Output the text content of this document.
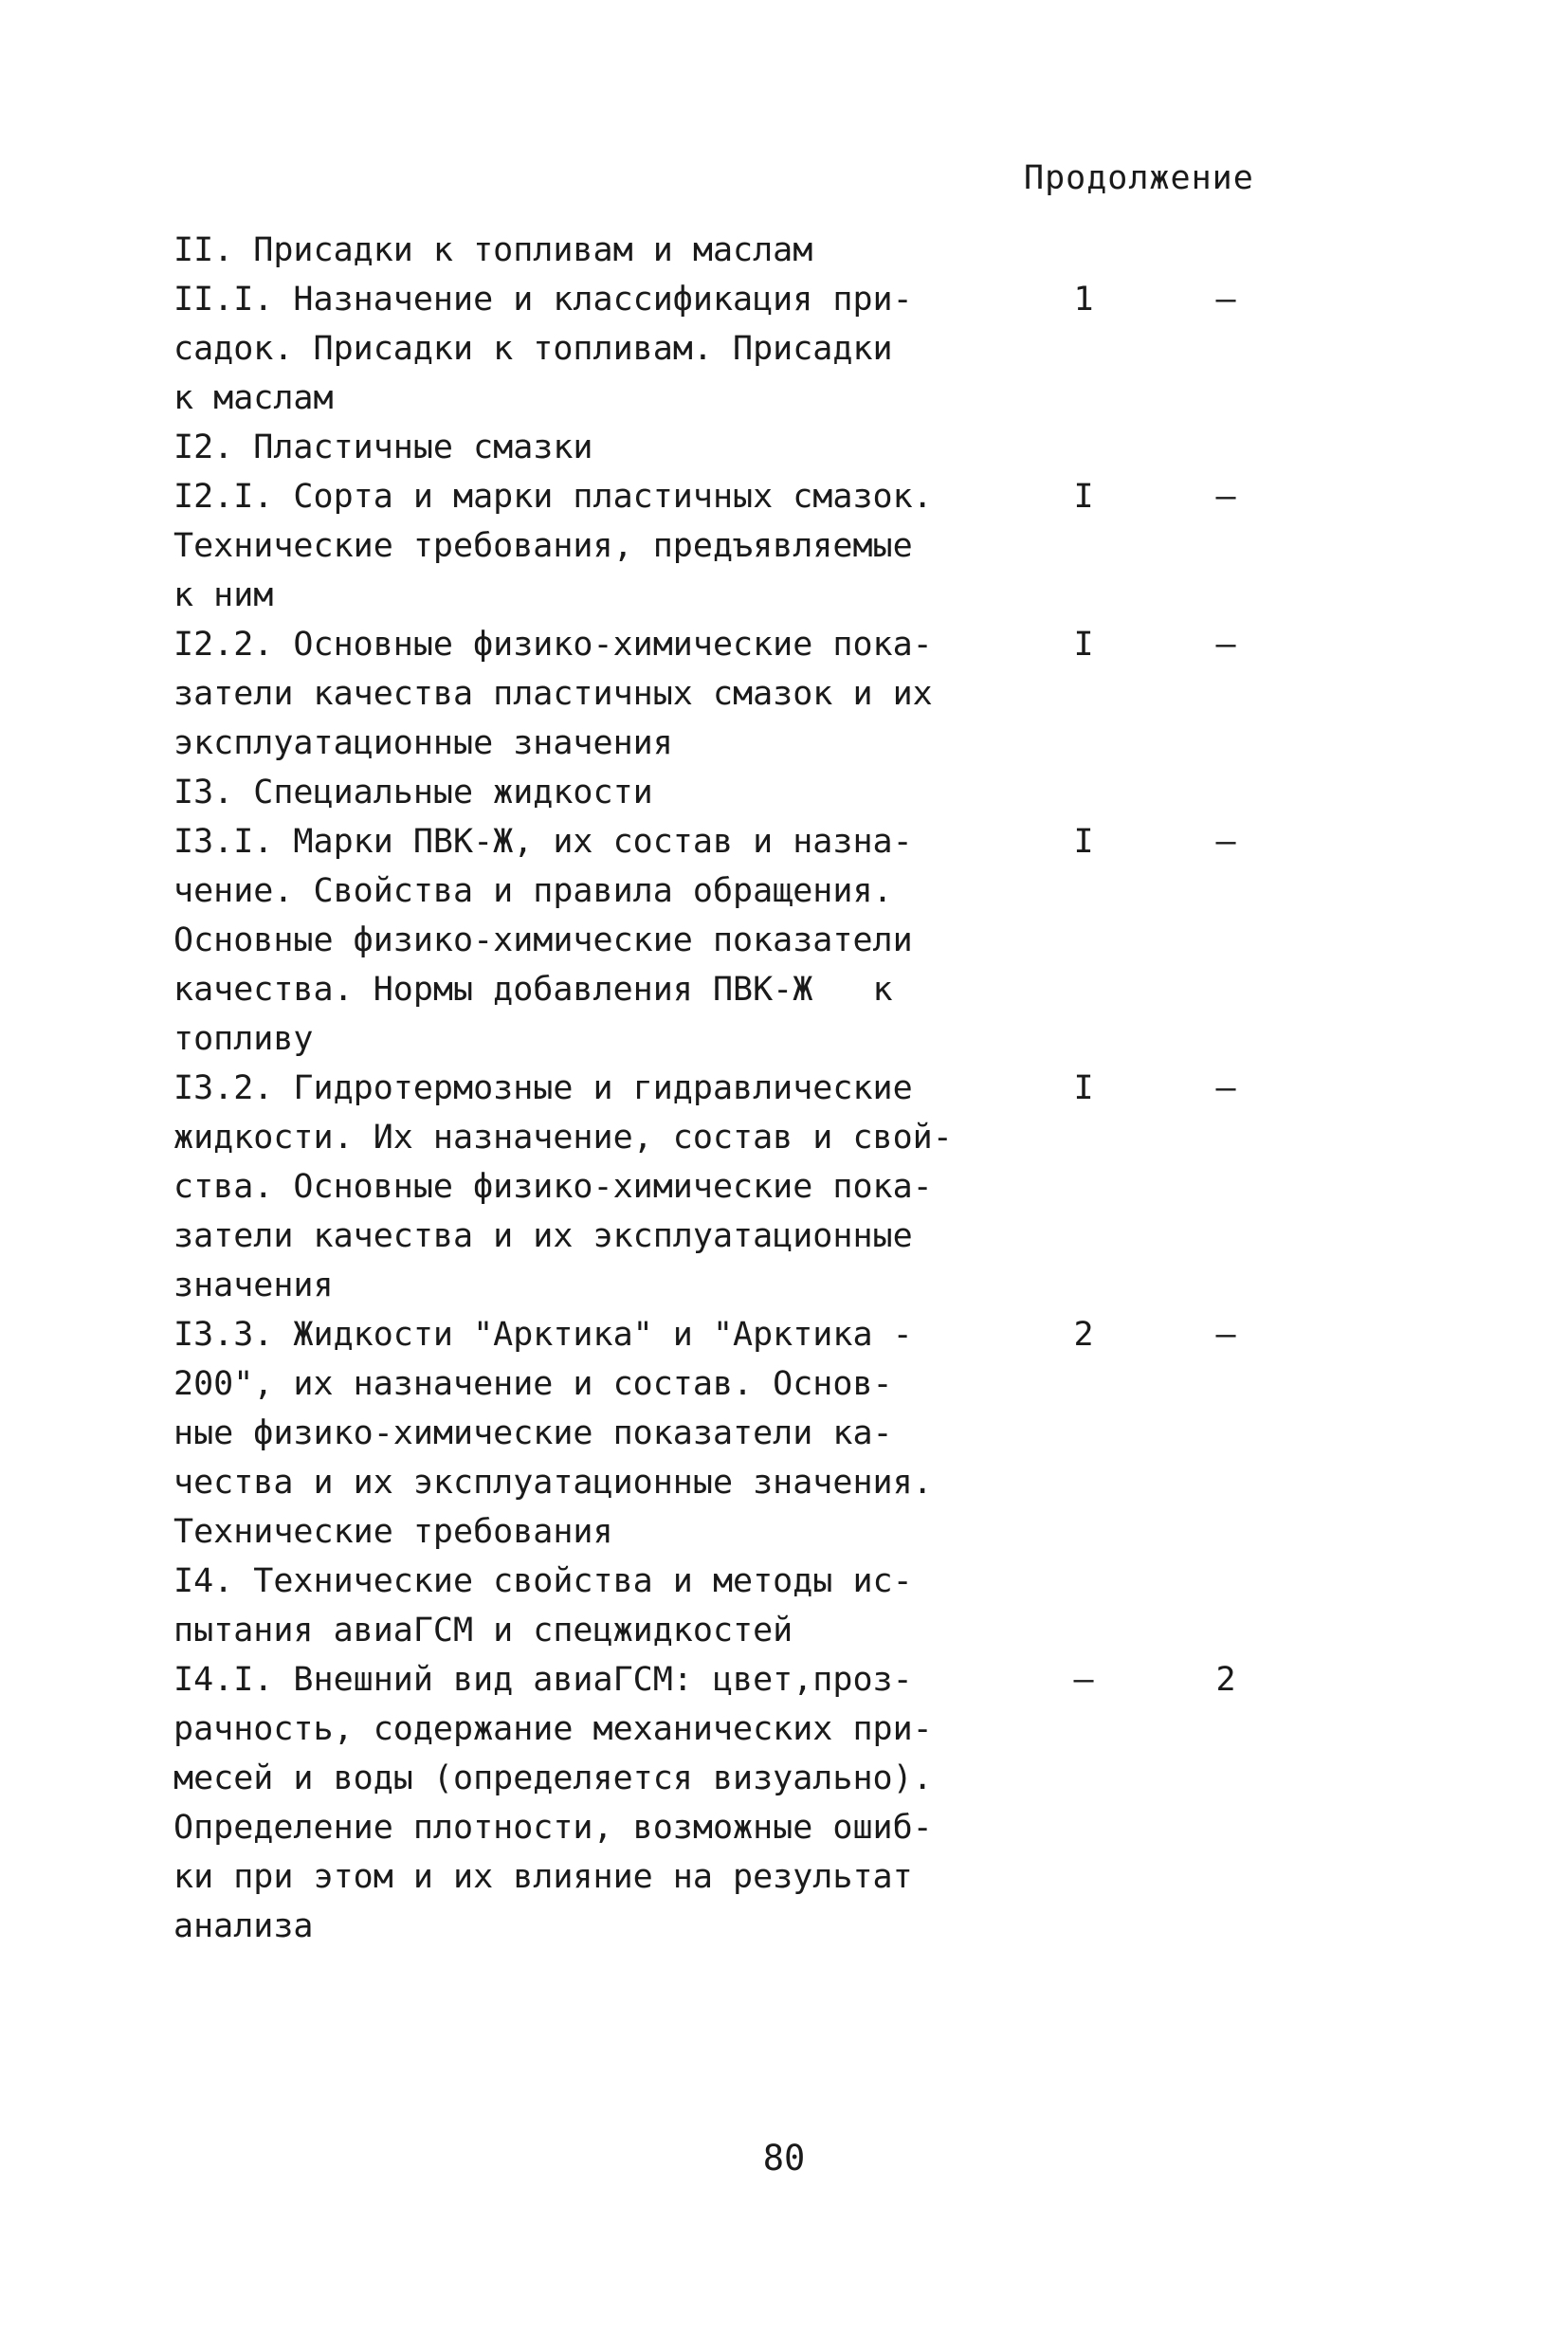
Продолжение
II. Присадки к топливам и маслам
II.I. Назначение и классификация при-
садок. Присадки к топливам. Присадки
к маслам
1	–
I2. Пластичные смазки
I2.I. Сорта и марки пластичных смазок.
Технические требования, предъявляемые
к ним
I	–
I2.2. Основные физико-химические пока-
затели качества пластичных смазок и их
эксплуатационные значения
I	–
I3. Специальные жидкости
I3.I. Марки ПВК-Ж, их состав и назна-
чение. Свойства и правила обращения.
Основные физико-химические показатели
качества. Нормы добавления ПВК-Ж   к
топливу
I	–
I3.2. Гидротермозные и гидравлические
жидкости. Их назначение, состав и свой-
ства. Основные физико-химические пока-
затели качества и их эксплуатационные
значения
I	–
I3.3. Жидкости "Арктика" и "Арктика -
200", их назначение и состав. Основ-
ные физико-химические показатели ка-
чества и их эксплуатационные значения.
Технические требования
2	–
I4. Технические свойства и методы ис-
пытания авиаГСМ и спецжидкостей
I4.I. Внешний вид авиаГСМ: цвет,проз-
рачность, содержание механических при-
месей и воды (определяется визуально).
Определение плотности, возможные ошиб-
ки при этом и их влияние на результат
анализа
–	2
80
